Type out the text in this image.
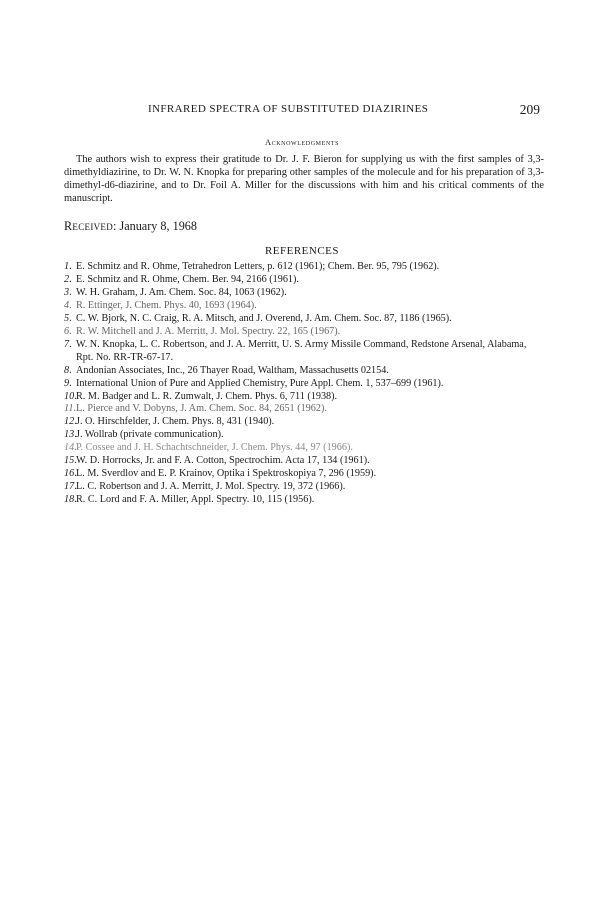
INFRARED SPECTRA OF SUBSTITUTED DIAZIRINES	209
Acknowledgments

The authors wish to express their gratitude to Dr. J. F. Bieron for supplying us with the first samples of 3,3-dimethyldiazirine, to Dr. W. N. Knopka for preparing other samples of the molecule and for his preparation of 3,3-dimethyl-d6-diazirine, and to Dr. Foil A. Miller for the discussions with him and his critical comments of the manuscript.

Received: January 8, 1968
REFERENCES
1 . E. Schmitz and R. Ohme, Tetrahedron Letters, p. 612 (1961); Chem. Ber. 95, 795 (1962).
2 . E. Schmitz and R. Ohme, Chem. Ber. 94, 2166 (1961).
3 . W. H. Graham, J. Am. Chem. Soc. 84, 1063 (1962).
4 . R. Ettinger, J. Chem. Phys. 40, 1693 (1964).
5 . C. W. Bjork, N. C. Craig, R. A. Mitsch, and J. Overend, J. Am. Chem. Soc. 87, 1186 (1965).
6 . R. W. Mitchell and J. A. Merritt, J. Mol. Spectry. 22, 165 (1967).
7 . W. N. Knopka, L. C. Robertson, and J. A. Merritt, U. S. Army Missile Command, Redstone Arsenal, Alabama, Rpt. No. RR-TR-67-17.
8 . Andonian Associates, Inc., 26 Thayer Road, Waltham, Massachusetts 02154.
9 . International Union of Pure and Applied Chemistry, Pure Appl. Chem. 1, 537–699 (1961).
10 . R. M. Badger and L. R. Zumwalt, J. Chem. Phys. 6, 711 (1938).
11 . L. Pierce and V. Dobyns, J. Am. Chem. Soc. 84, 2651 (1962).
12 . J. O. Hirschfelder, J. Chem. Phys. 8, 431 (1940).
13 . J. Wollrab (private communication).
14 . P. Cossee and J. H. Schachtschneider, J. Chem. Phys. 44, 97 (1966).
15 . W. D. Horrocks, Jr. and F. A. Cotton, Spectrochim. Acta 17, 134 (1961).
16 . L. M. Sverdlov and E. P. Krainov, Optika i Spektroskopiya 7, 296 (1959).
17 . L. C. Robertson and J. A. Merritt, J. Mol. Spectry. 19, 372 (1966).
18 . R. C. Lord and F. A. Miller, Appl. Spectry. 10, 115 (1956).
